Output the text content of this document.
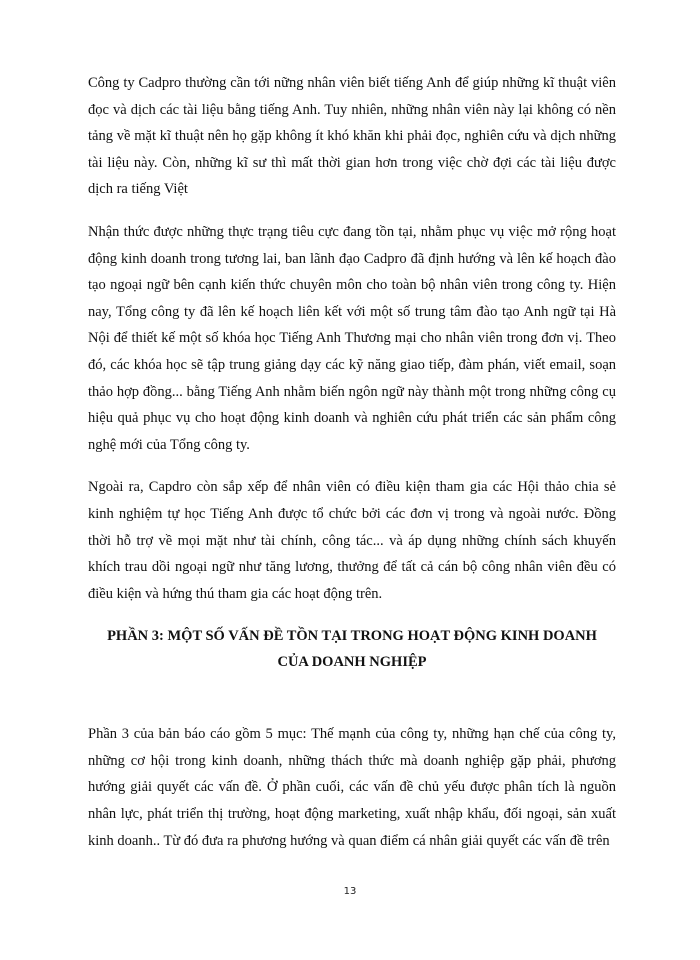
Công ty Cadpro thường cần tới nững nhân viên biết tiếng Anh để giúp những kĩ thuật viên đọc và dịch các tài liệu bằng tiếng Anh. Tuy nhiên, những nhân viên này lại không có nền tảng về mặt kĩ thuật nên họ gặp không ít khó khăn khi phải đọc, nghiên cứu và dịch những tài liệu này. Còn, những kĩ sư thì mất thời gian hơn trong việc chờ đợi các tài liệu được dịch ra tiếng Việt

Nhận thức được những thực trạng tiêu cực đang tồn tại, nhằm phục vụ việc mở rộng hoạt động kinh doanh trong tương lai, ban lãnh đạo Cadpro đã định hướng và lên kế hoạch đào tạo ngoại ngữ bên cạnh kiến thức chuyên môn cho toàn bộ nhân viên trong công ty. Hiện nay, Tổng công ty đã lên kế hoạch liên kết với một số trung tâm đào tạo Anh ngữ tại Hà Nội để thiết kế một số khóa học Tiếng Anh Thương mại cho nhân viên trong đơn vị. Theo đó, các khóa học sẽ tập trung giảng dạy các kỹ năng giao tiếp, đàm phán, viết email, soạn thảo hợp đồng... bằng Tiếng Anh nhằm biến ngôn ngữ này thành một trong những công cụ hiệu quả phục vụ cho hoạt động kinh doanh và nghiên cứu phát triển các sản phẩm công nghệ mới của Tổng công ty.

Ngoài ra, Capdro còn sắp xếp để nhân viên có điều kiện tham gia các Hội thảo chia sẻ kinh nghiệm tự học Tiếng Anh được tổ chức bởi các đơn vị trong và ngoài nước. Đồng thời hỗ trợ về mọi mặt như tài chính, công tác... và áp dụng những chính sách khuyến khích trau dồi ngoại ngữ như tăng lương, thưởng để tất cả cán bộ công nhân viên đều có điều kiện và hứng thú tham gia các hoạt động trên.

PHẦN 3: MỘT SỐ VẤN ĐỀ TỒN TẠI TRONG HOẠT ĐỘNG KINH DOANH

CỦA DOANH NGHIỆP

Phần 3 của bản báo cáo gồm 5 mục: Thế mạnh của công ty, những hạn chế của công ty, những cơ hội trong kinh doanh, những thách thức mà doanh nghiệp gặp phải, phương hướng giải quyết các vấn đề. Ở phần cuối, các vấn đề chủ yếu được phân tích là nguồn nhân lực, phát triển thị trường, hoạt động marketing, xuất nhập khẩu, đối ngoại, sản xuất kinh doanh.. Từ đó đưa ra phương hướng và quan điểm cá nhân giải quyết các vấn đề trên

13
